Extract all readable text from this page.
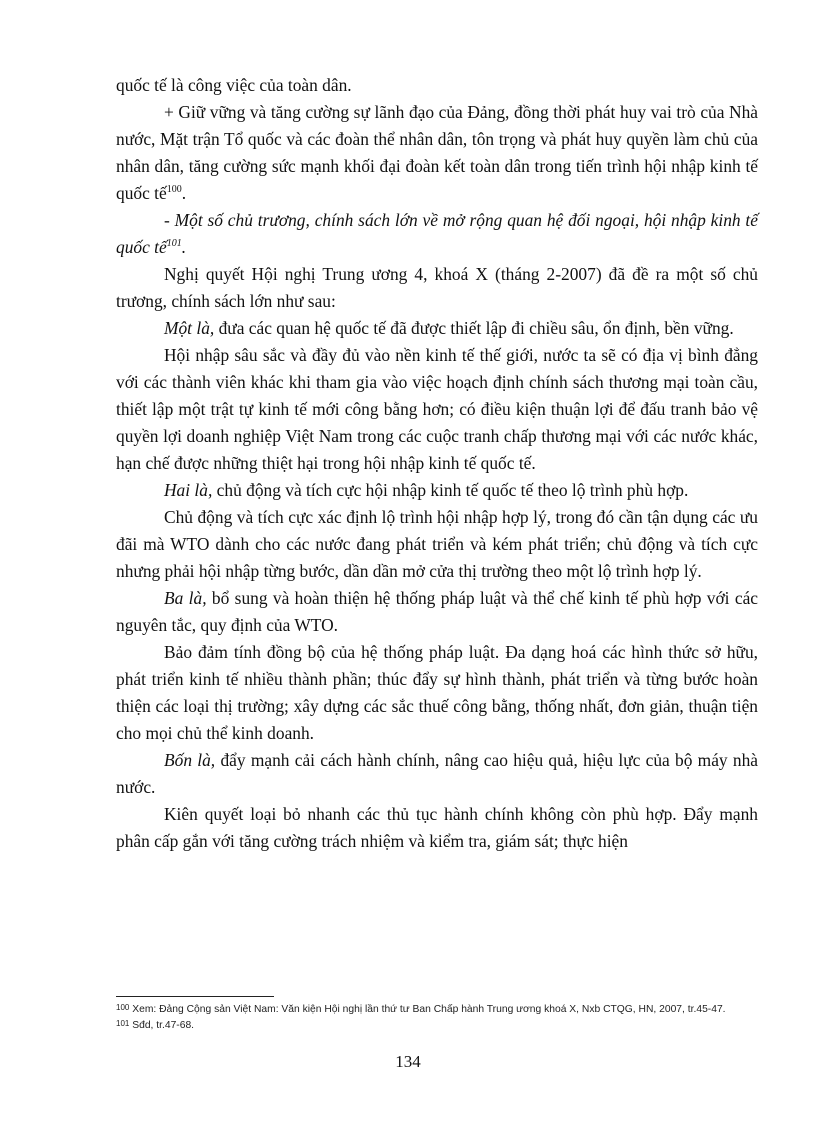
quốc tế là công việc của toàn dân.

+ Giữ vững và tăng cường sự lãnh đạo của Đảng, đồng thời phát huy vai trò của Nhà nước, Mặt trận Tổ quốc và các đoàn thể nhân dân, tôn trọng và phát huy quyền làm chủ của nhân dân, tăng cường sức mạnh khối đại đoàn kết toàn dân trong tiến trình hội nhập kinh tế quốc tế$^{100}$.

- Một số chủ trương, chính sách lớn về mở rộng quan hệ đối ngoại, hội nhập kinh tế quốc tế$^{101}$.

Nghị quyết Hội nghị Trung ương 4, khoá X (tháng 2-2007) đã đề ra một số chủ trương, chính sách lớn như sau:

Một là, đưa các quan hệ quốc tế đã được thiết lập đi chiều sâu, ổn định, bền vững.

Hội nhập sâu sắc và đầy đủ vào nền kinh tế thế giới, nước ta sẽ có địa vị bình đẳng với các thành viên khác khi tham gia vào việc hoạch định chính sách thương mại toàn cầu, thiết lập một trật tự kinh tế mới công bằng hơn; có điều kiện thuận lợi để đấu tranh bảo vệ quyền lợi doanh nghiệp Việt Nam trong các cuộc tranh chấp thương mại với các nước khác, hạn chế được những thiệt hại trong hội nhập kinh tế quốc tế.

Hai là, chủ động và tích cực hội nhập kinh tế quốc tế theo lộ trình phù hợp.

Chủ động và tích cực xác định lộ trình hội nhập hợp lý, trong đó cần tận dụng các ưu đãi mà WTO dành cho các nước đang phát triển và kém phát triển; chủ động và tích cực nhưng phải hội nhập từng bước, dần dần mở cửa thị trường theo một lộ trình hợp lý.

Ba là, bổ sung và hoàn thiện hệ thống pháp luật và thể chế kinh tế phù hợp với các nguyên tắc, quy định của WTO.

Bảo đảm tính đồng bộ của hệ thống pháp luật. Đa dạng hoá các hình thức sở hữu, phát triển kinh tế nhiều thành phần; thúc đẩy sự hình thành, phát triển và từng bước hoàn thiện các loại thị trường; xây dựng các sắc thuế công bằng, thống nhất, đơn giản, thuận tiện cho mọi chủ thể kinh doanh.

Bốn là, đẩy mạnh cải cách hành chính, nâng cao hiệu quả, hiệu lực của bộ máy nhà nước.

Kiên quyết loại bỏ nhanh các thủ tục hành chính không còn phù hợp. Đẩy mạnh phân cấp gắn với tăng cường trách nhiệm và kiểm tra, giám sát; thực hiện

100 Xem: Đảng Cộng sản Việt Nam: Văn kiện Hội nghị lần thứ tư Ban Chấp hành Trung ương khoá X, Nxb CTQG, HN, 2007, tr.45-47.

101 Sđd, tr.47-68.

134
